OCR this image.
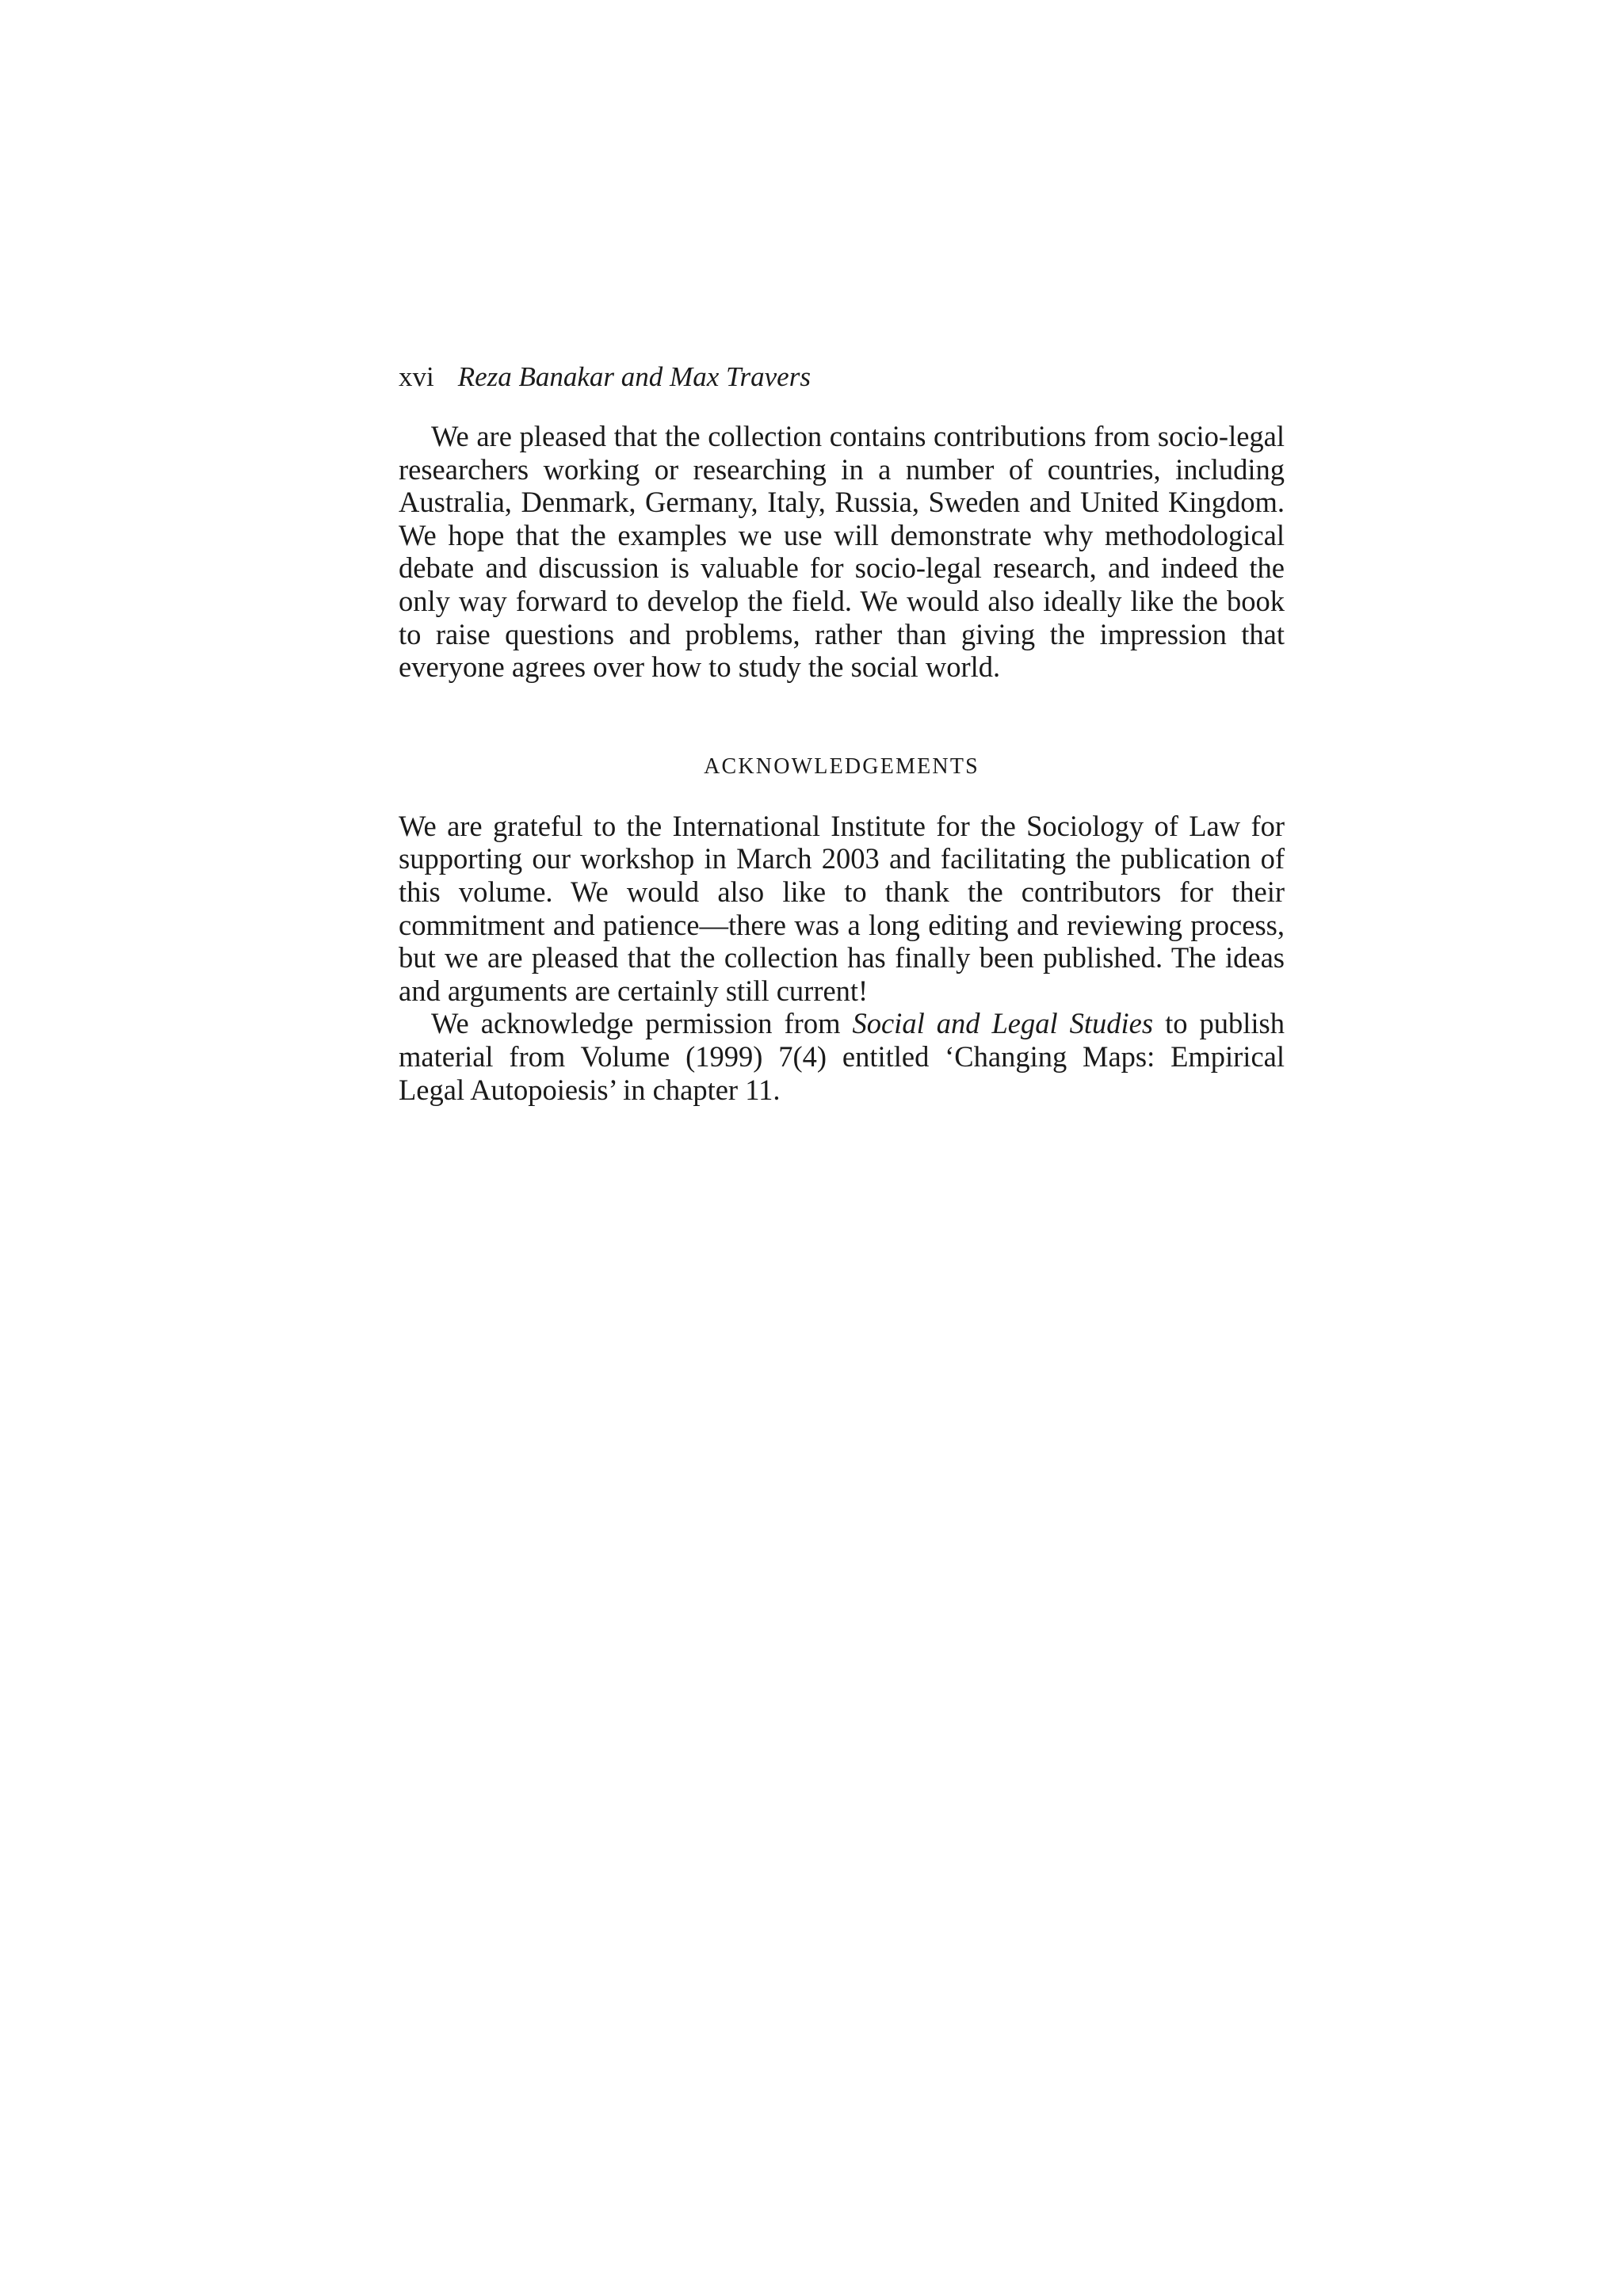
xvi Reza Banakar and Max Travers

We are pleased that the collection contains contributions from socio-legal researchers working or researching in a number of countries, including Australia, Denmark, Germany, Italy, Russia, Sweden and United Kingdom. We hope that the examples we use will demonstrate why methodological debate and discussion is valuable for socio-legal research, and indeed the only way forward to develop the field. We would also ideally like the book to raise questions and problems, rather than giving the impression that everyone agrees over how to study the social world.

ACKNOWLEDGEMENTS

We are grateful to the International Institute for the Sociology of Law for supporting our workshop in March 2003 and facilitating the publication of this volume. We would also like to thank the contributors for their commitment and patience—there was a long editing and reviewing process, but we are pleased that the collection has finally been published. The ideas and arguments are certainly still current!

We acknowledge permission from Social and Legal Studies to publish material from Volume (1999) 7(4) entitled ‘Changing Maps: Empirical Legal Autopoiesis’ in chapter 11.
